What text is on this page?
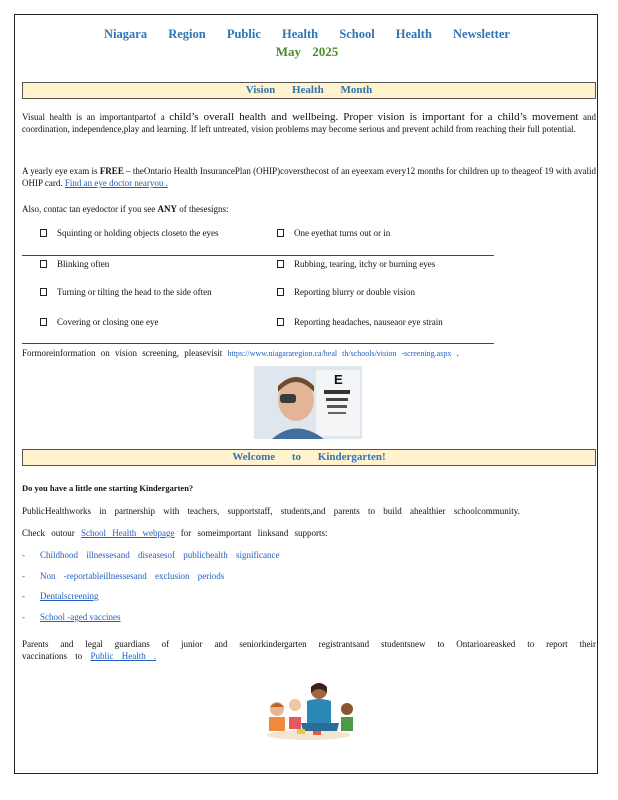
Niagara Region Public Health School Health Newsletter
May 2025
Vision Health Month
Visual health is an importantpartof a child’s overall health and wellbeing. Proper vision is important for a child’s movement and coordination, independence,play and learning. If left untreated, vision problems may become serious and prevent achild from reaching their full potential.
A yearly eye exam is FREE – theOntario Health InsurancePlan (OHIP)coversthecost of an eyeexam every12 months for children up to theageof 19 with avalid OHIP card. Find an eye doctor nearyou .
Also, contac tan eyedoctor if you see ANY of thesesigns:
Squinting or holding objects closeto the eyes	One eyethat turns out or in
Blinking often	Rubbing, tearing, itchy or burning eyes
Turning or tilting the head to the side often	Reporting blurry or double vision
Covering or closing one eye	Reporting headaches, nauseaor eye strain
Formoreinformation on vision screening, pleasevisit https://www.niagararegion.ca/heal th/schools/vision -screening.aspx .
E
Welcome to Kindergarten!
Do you have a little one starting Kindergarten?
PublicHealthworks in partnership with teachers, supportstaff, students,and parents to build ahealthier schoolcommunity.
Check outour School Health webpage for someimportant linksand supports:
- Childhood illnessesand diseasesof publichealth significance
- Non -reportableillnessesand exclusion periods
- Dentalscreening
- School -aged vaccines
Parents and legal guardians of junior and seniorkindergarten registrantsand studentsnew to Ontarioareasked to report their vaccinations to Public Health .
